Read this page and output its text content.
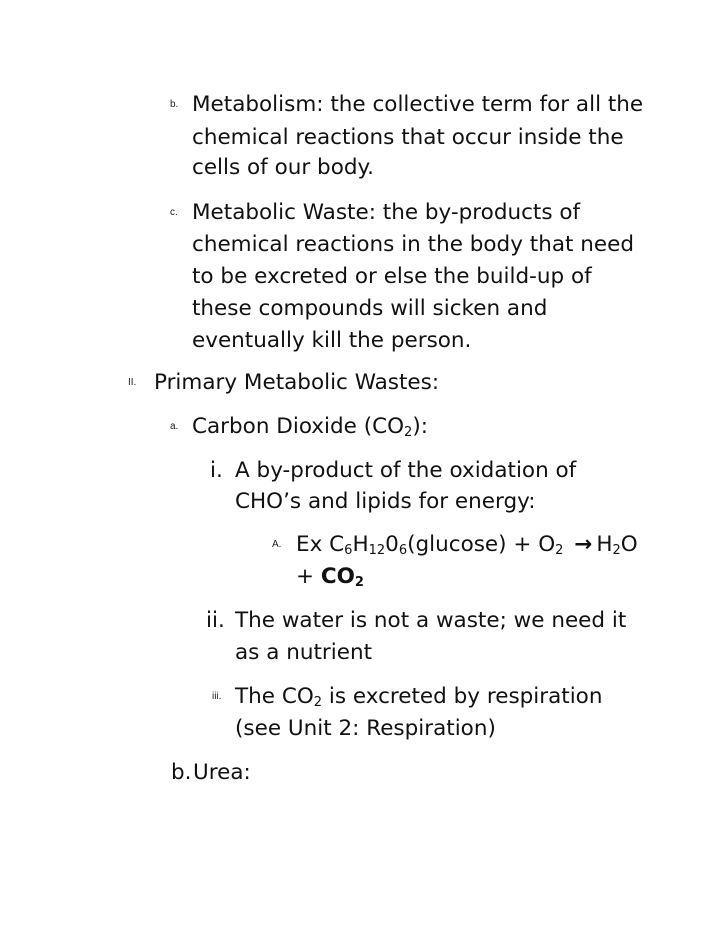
b. Metabolism: the collective term for all the
chemical reactions that occur inside the
cells of our body.
c. Metabolic Waste: the by-products of
chemical reactions in the body that need
to be excreted or else the build-up of
these compounds will sicken and
eventually kill the person.
II. Primary Metabolic Wastes:
a. Carbon Dioxide $(CO_2)$:
i. A by-product of the oxidation of
CHO’s and lipids for energy:
A. Ex $C_6H_{12}0_6(glucose) + O_2 \to H_2O$
+ $CO_2$
ii. The water is not a waste; we need it
as a nutrient
iii. The $CO_2$ is excreted by respiration
(see Unit 2: Respiration)
b. Urea:
